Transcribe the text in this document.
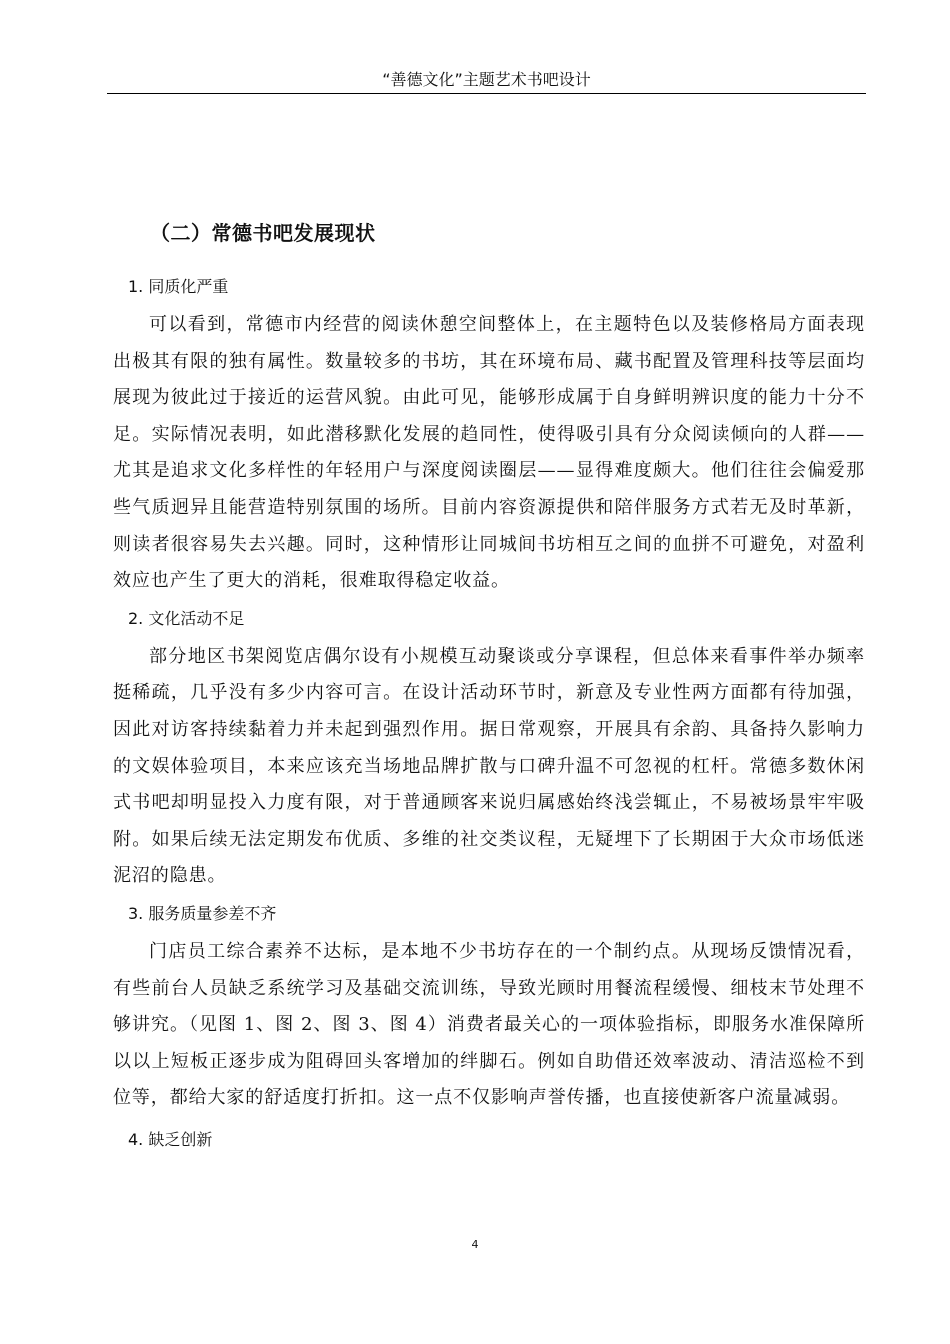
“善德文化”主题艺术书吧设计
（二）常德书吧发展现状

1. 同质化严重

可以看到，常德市内经营的阅读休憩空间整体上，在主题特色以及装修格局方面表现出极其有限的独有属性。数量较多的书坊，其在环境布局、藏书配置及管理科技等层面均展现为彼此过于接近的运营风貌。由此可见，能够形成属于自身鲜明辨识度的能力十分不足。实际情况表明，如此潜移默化发展的趋同性，使得吸引具有分众阅读倾向的人群——尤其是追求文化多样性的年轻用户与深度阅读圈层——显得难度颇大。他们往往会偏爱那些气质迥异且能营造特别氛围的场所。目前内容资源提供和陪伴服务方式若无及时革新，则读者很容易失去兴趣。同时，这种情形让同城间书坊相互之间的血拼不可避免，对盈利效应也产生了更大的消耗，很难取得稳定收益。

2. 文化活动不足

部分地区书架阅览店偶尔设有小规模互动聚谈或分享课程，但总体来看事件举办频率挺稀疏，几乎没有多少内容可言。在设计活动环节时，新意及专业性两方面都有待加强，因此对访客持续黏着力并未起到强烈作用。据日常观察，开展具有余韵、具备持久影响力的文娱体验项目，本来应该充当场地品牌扩散与口碑升温不可忽视的杠杆。常德多数休闲式书吧却明显投入力度有限，对于普通顾客来说归属感始终浅尝辄止，不易被场景牢牢吸附。如果后续无法定期发布优质、多维的社交类议程，无疑埋下了长期困于大众市场低迷泥沼的隐患。

3. 服务质量参差不齐

门店员工综合素养不达标，是本地不少书坊存在的一个制约点。从现场反馈情况看，有些前台人员缺乏系统学习及基础交流训练，导致光顾时用餐流程缓慢、细枝末节处理不够讲究。（见图 1、图 2、图 3、图 4）消费者最关心的一项体验指标，即服务水准保障所以以上短板正逐步成为阻碍回头客增加的绊脚石。例如自助借还效率波动、清洁巡检不到位等，都给大家的舒适度打折扣。这一点不仅影响声誉传播，也直接使新客户流量减弱。

4. 缺乏创新

4
